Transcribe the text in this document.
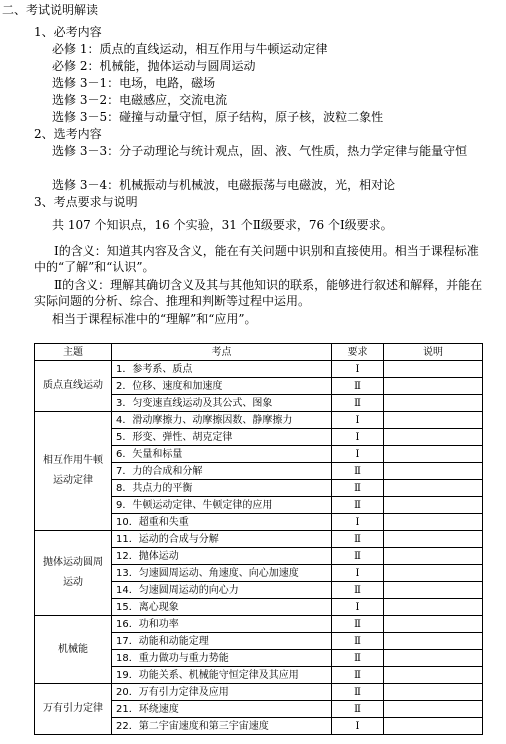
二、考试说明解读
1、必考内容
必修 1：质点的直线运动，相互作用与牛顿运动定律
必修 2：机械能，抛体运动与圆周运动
选修 3－1：电场，电路，磁场
选修 3－2：电磁感应，交流电流
选修 3－5：碰撞与动量守恒，原子结构，原子核，波粒二象性
2、选考内容
选修 3－3：分子动理论与统计观点，固、液、气性质，热力学定律与能量守恒
选修 3－4：机械振动与机械波，电磁振荡与电磁波，光，相对论
3、考点要求与说明
共 107 个知识点，16 个实验，31 个Ⅱ级要求，76 个Ⅰ级要求。
Ⅰ的含义：知道其内容及含义，能在有关问题中识别和直接使用。相当于课程标准中的“了解”和“认识”。
Ⅱ的含义：理解其确切含义及其与其他知识的联系，能够进行叙述和解释，并能在实际问题的分析、综合、推理和判断等过程中运用。
相当于课程标准中的“理解”和“应用”。
主题	考点	要求	说明
质点直线运动	1．参考系、质点	Ⅰ	
	2．位移、速度和加速度	Ⅱ	
	3．匀变速直线运动及其公式、图象	Ⅱ	
相互作用牛顿运动定律	4．滑动摩擦力、动摩擦因数、静摩擦力	Ⅰ	
	5．形变、弹性、胡克定律	Ⅰ	
	6．矢量和标量	Ⅰ	
	7．力的合成和分解	Ⅱ	
	8．共点力的平衡	Ⅱ	
	9．牛顿运动定律、牛顿定律的应用	Ⅱ	
	10．超重和失重	Ⅰ	
抛体运动圆周运动	11．运动的合成与分解	Ⅱ	
	12．抛体运动	Ⅱ	
	13．匀速圆周运动、角速度、向心加速度	Ⅰ	
	14．匀速圆周运动的向心力	Ⅱ	
	15．离心现象	Ⅰ	
机械能	16．功和功率	Ⅱ	
	17．动能和动能定理	Ⅱ	
	18．重力做功与重力势能	Ⅱ	
	19．功能关系、机械能守恒定律及其应用	Ⅱ	
万有引力定律	20．万有引力定律及应用	Ⅱ	
	21．环绕速度	Ⅱ	
	22．第二宇宙速度和第三宇宙速度	Ⅰ	
